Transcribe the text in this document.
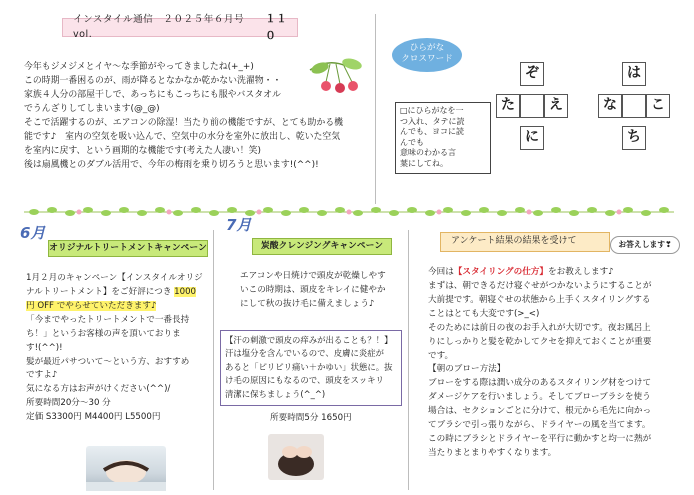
インスタイル通信　２０２５年６月号 vol.
１１０

今年もジメジメとイヤ～な季節がやってきましたね(+_+)

この時期一番困るのが、雨が降るとなかなか乾かない洗濯物・・

家族４人分の部屋干しで、あっちにもこっちにも服やバスタオル

でうんざりしてしまいます(@_@)

そこで活躍するのが、エアコンの除湿！当たり前の機能ですが、とても助かる機

能です♪　室内の空気を吸い込んで、空気中の水分を室外に放出し、乾いた空気

を室内に戻す、という画期的な機能です(考えた人凄い！笑)

後は扇風機とのダブル活用で、今年の梅雨を乗り切ろうと思います!(^^)!

ひらがな
クロスワード
□にひらがなを一
つ入れ、タテに読
んでも、ヨコに読
んでも
意味のわかる言
葉にしてね。
ぞ
た	え
に
は
な	こ
ち
6月
オリジナルトリートメントキャンペーン
1月２月のキャンペーン【インスタイルオリジ
ナルトリートメント】をご好評につき 1000
円 OFF でやらせていただきます♪
「今までやったトリートメントで一番長持
ち！」というお客様の声を頂いておりま
す!(^^)!
髪が最近パサついて～という方、おすすめ
ですよ♪
気になる方はお声がけください(^^)/
所要時間20分～30 分
定価 S3300円 M4400円 L5500円
7月
炭酸クレンジングキャンペーン
エアコンや日焼けで頭皮が乾燥しやす
いこの時期は、頭皮をキレイに健やか
にして秋の抜け毛に備えましょう♪
【汗の刺激で頭皮の痒みが出ることも？！】
汗は塩分を含んでいるので、皮膚に炎症が
あると「ピリピリ痛い＋かゆい」状態に。抜
け毛の原因にもなるので、頭皮をスッキリ
清潔に保ちましょう(^_^)
所要時間5分 1650円
アンケート結果の結果を受けて	お答えします❣
今回は【スタイリングの仕方】をお教えします♪
まずは、朝できるだけ寝ぐせがつかないようにすることが
大前提です。朝寝ぐせの状態から上手くスタイリングする
ことはとても大変です(>_<)
そのためには前日の夜のお手入れが大切です。夜お風呂上
りにしっかりと髪を乾かしてクセを抑えておくことが重要
です。
【朝のブロー方法】
ブローをする際は潤い成分のあるスタイリング材をつけて
ダメージケアを行いましょう。そしてブローブラシを使う
場合は、セクションごとに分けて、根元から毛先に向かっ
てブラシで引っ張りながら、ドライヤーの風を当てます。
この時にブラシとドライヤーを平行に動かすと均一に熱が
当たりまとまりやすくなります。
